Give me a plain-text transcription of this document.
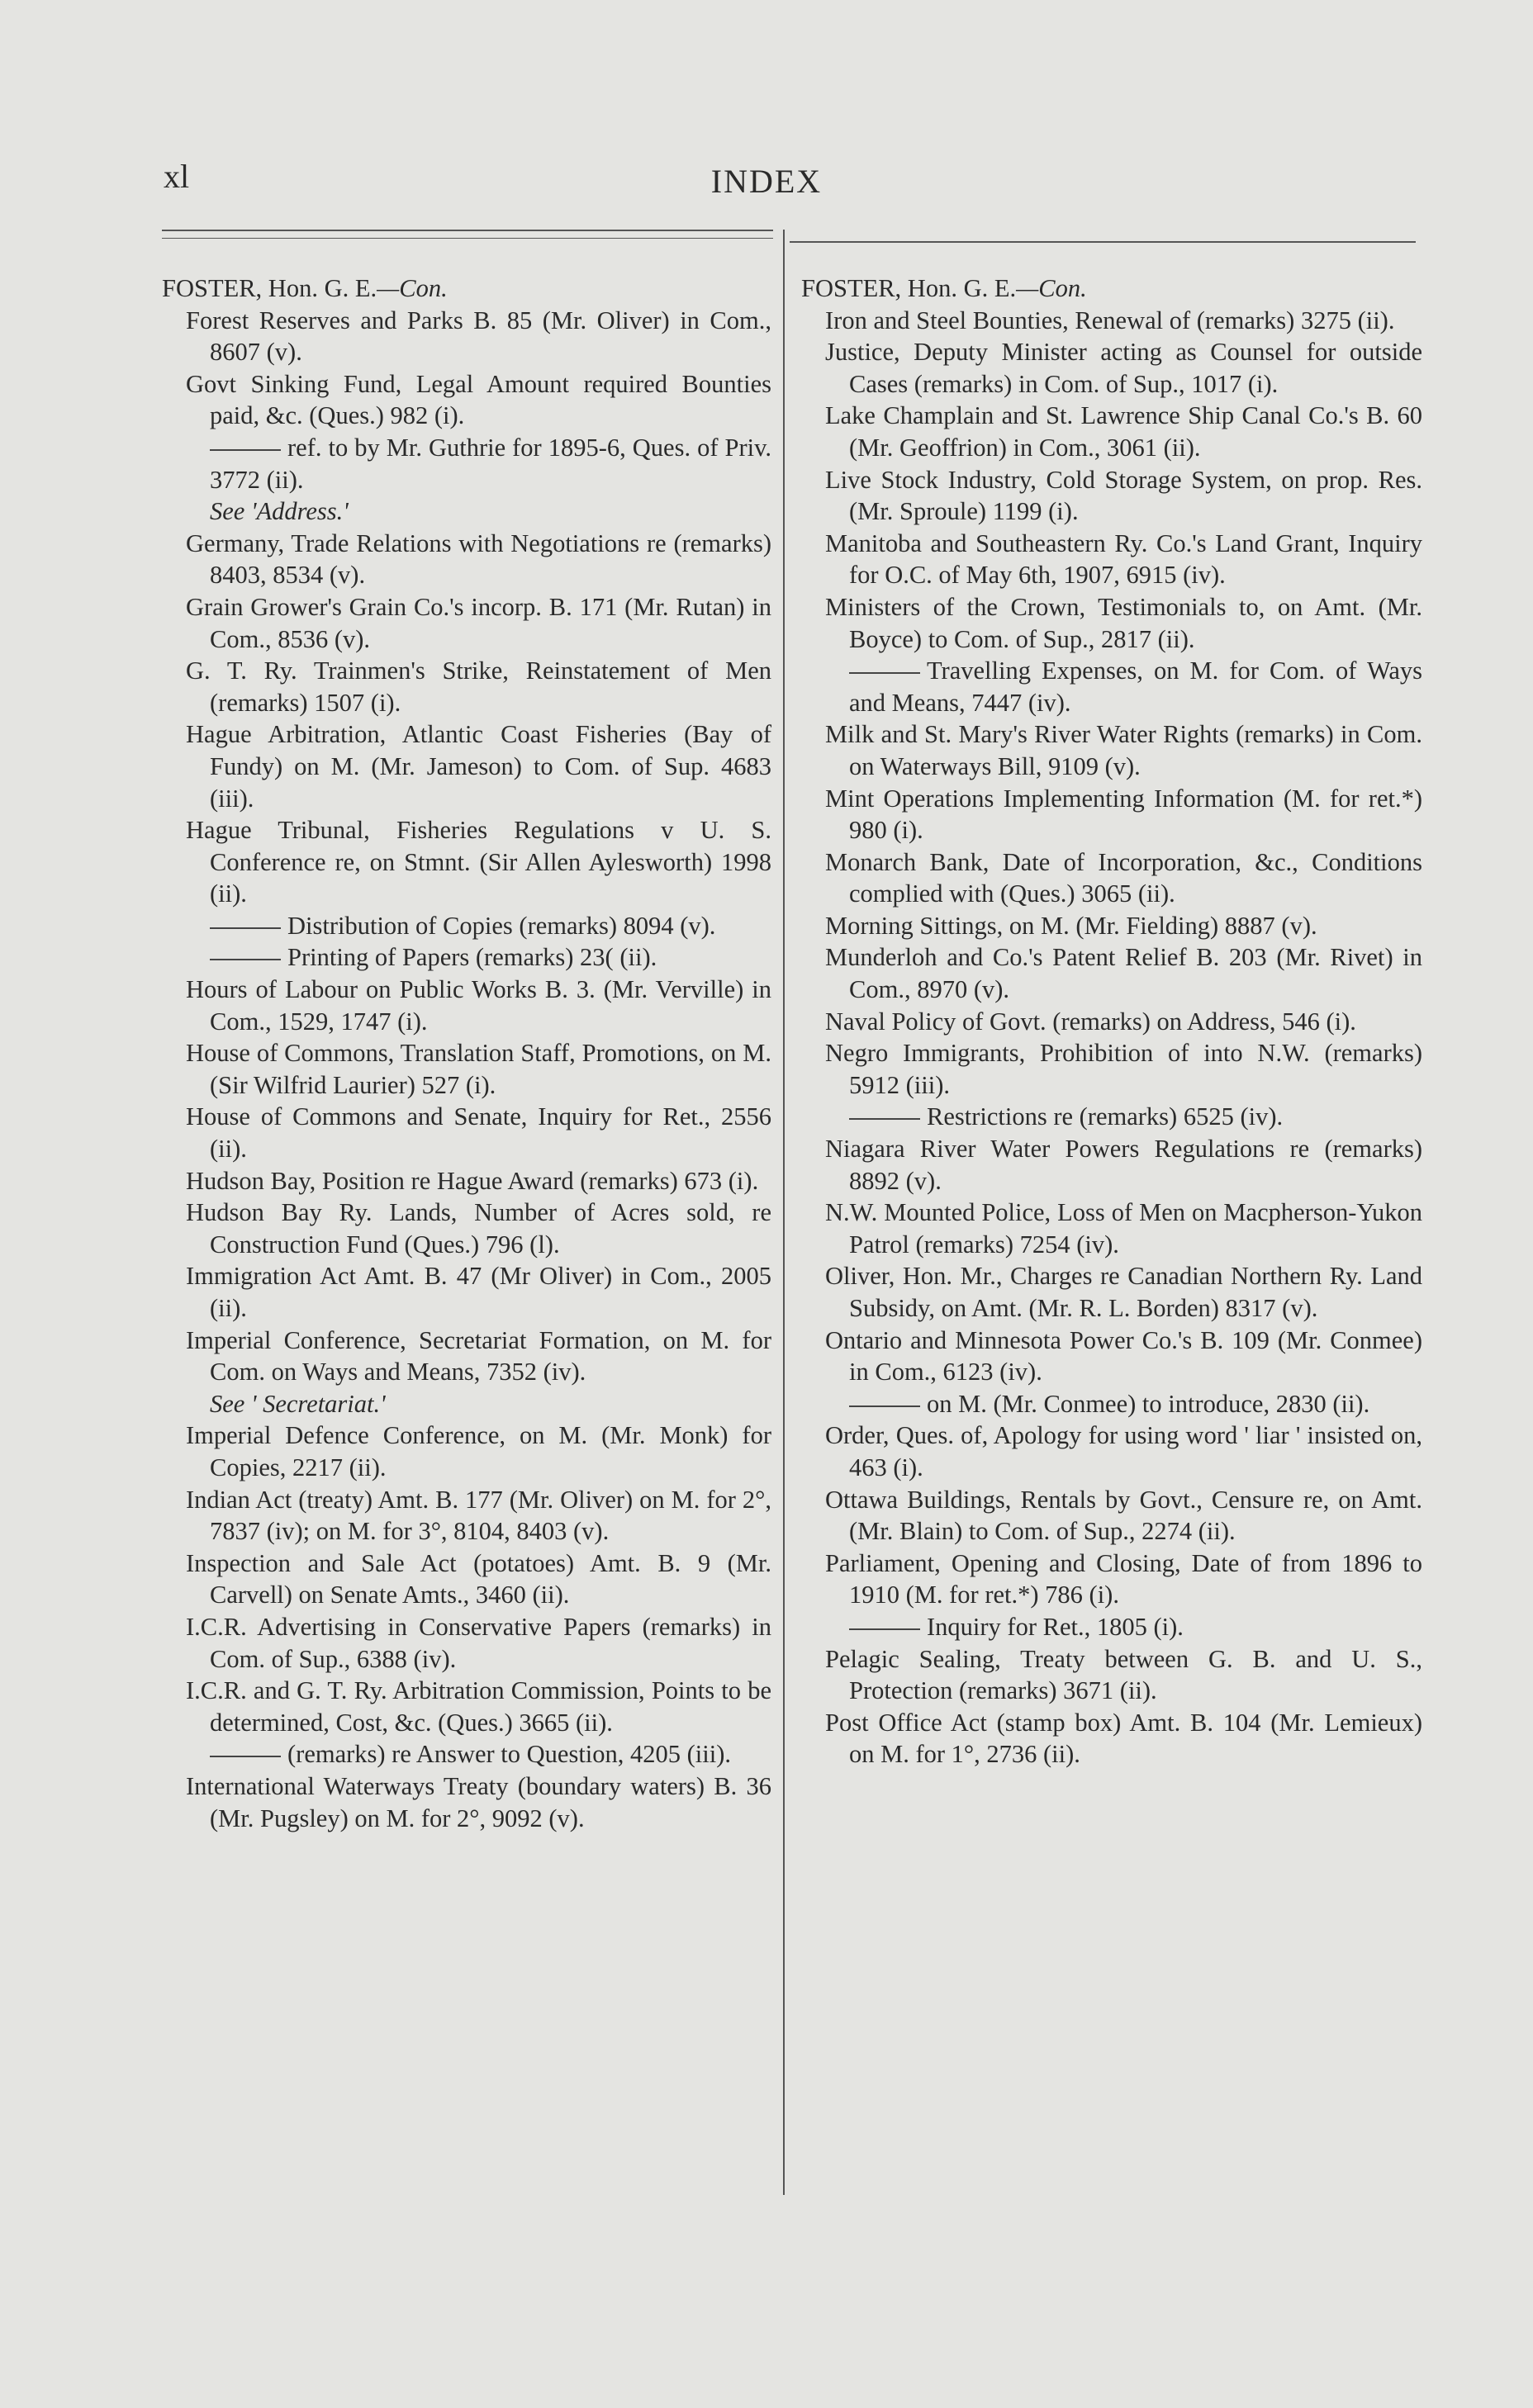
xl	INDEX
FOSTER, Hon. G. E.—Con.
Forest Reserves and Parks B. 85 (Mr. Oliver) in Com., 8607 (v).
Govt Sinking Fund, Legal Amount required Bounties paid, &c. (Ques.) 982 (i).
ref. to by Mr. Guthrie for 1895-6, Ques. of Priv. 3772 (ii).
See 'Address.'
Germany, Trade Relations with Negotiations re (remarks) 8403, 8534 (v).
Grain Grower's Grain Co.'s incorp. B. 171 (Mr. Rutan) in Com., 8536 (v).
G. T. Ry. Trainmen's Strike, Reinstatement of Men (remarks) 1507 (i).
Hague Arbitration, Atlantic Coast Fisheries (Bay of Fundy) on M. (Mr. Jameson) to Com. of Sup. 4683 (iii).
Hague Tribunal, Fisheries Regulations v U. S. Conference re, on Stmnt. (Sir Allen Aylesworth) 1998 (ii).
Distribution of Copies (remarks) 8094 (v).
Printing of Papers (remarks) 23( (ii).
Hours of Labour on Public Works B. 3. (Mr. Verville) in Com., 1529, 1747 (i).
House of Commons, Translation Staff, Promotions, on M. (Sir Wilfrid Laurier) 527 (i).
House of Commons and Senate, Inquiry for Ret., 2556 (ii).
Hudson Bay, Position re Hague Award (remarks) 673 (i).
Hudson Bay Ry. Lands, Number of Acres sold, re Construction Fund (Ques.) 796 (l).
Immigration Act Amt. B. 47 (Mr Oliver) in Com., 2005 (ii).
Imperial Conference, Secretariat Formation, on M. for Com. on Ways and Means, 7352 (iv).
See ' Secretariat.'
Imperial Defence Conference, on M. (Mr. Monk) for Copies, 2217 (ii).
Indian Act (treaty) Amt. B. 177 (Mr. Oliver) on M. for 2°, 7837 (iv); on M. for 3°, 8104, 8403 (v).
Inspection and Sale Act (potatoes) Amt. B. 9 (Mr. Carvell) on Senate Amts., 3460 (ii).
I.C.R. Advertising in Conservative Papers (remarks) in Com. of Sup., 6388 (iv).
I.C.R. and G. T. Ry. Arbitration Commission, Points to be determined, Cost, &c. (Ques.) 3665 (ii).
(remarks) re Answer to Question, 4205 (iii).
International Waterways Treaty (boundary waters) B. 36 (Mr. Pugsley) on M. for 2°, 9092 (v).
FOSTER, Hon. G. E.—Con.
Iron and Steel Bounties, Renewal of (remarks) 3275 (ii).
Justice, Deputy Minister acting as Counsel for outside Cases (remarks) in Com. of Sup., 1017 (i).
Lake Champlain and St. Lawrence Ship Canal Co.'s B. 60 (Mr. Geoffrion) in Com., 3061 (ii).
Live Stock Industry, Cold Storage System, on prop. Res. (Mr. Sproule) 1199 (i).
Manitoba and Southeastern Ry. Co.'s Land Grant, Inquiry for O.C. of May 6th, 1907, 6915 (iv).
Ministers of the Crown, Testimonials to, on Amt. (Mr. Boyce) to Com. of Sup., 2817 (ii).
Travelling Expenses, on M. for Com. of Ways and Means, 7447 (iv).
Milk and St. Mary's River Water Rights (remarks) in Com. on Waterways Bill, 9109 (v).
Mint Operations Implementing Information (M. for ret.*) 980 (i).
Monarch Bank, Date of Incorporation, &c., Conditions complied with (Ques.) 3065 (ii).
Morning Sittings, on M. (Mr. Fielding) 8887 (v).
Munderloh and Co.'s Patent Relief B. 203 (Mr. Rivet) in Com., 8970 (v).
Naval Policy of Govt. (remarks) on Address, 546 (i).
Negro Immigrants, Prohibition of into N.W. (remarks) 5912 (iii).
Restrictions re (remarks) 6525 (iv).
Niagara River Water Powers Regulations re (remarks) 8892 (v).
N.W. Mounted Police, Loss of Men on Macpherson-Yukon Patrol (remarks) 7254 (iv).
Oliver, Hon. Mr., Charges re Canadian Northern Ry. Land Subsidy, on Amt. (Mr. R. L. Borden) 8317 (v).
Ontario and Minnesota Power Co.'s B. 109 (Mr. Conmee) in Com., 6123 (iv).
on M. (Mr. Conmee) to introduce, 2830 (ii).
Order, Ques. of, Apology for using word ' liar ' insisted on, 463 (i).
Ottawa Buildings, Rentals by Govt., Censure re, on Amt. (Mr. Blain) to Com. of Sup., 2274 (ii).
Parliament, Opening and Closing, Date of from 1896 to 1910 (M. for ret.*) 786 (i).
Inquiry for Ret., 1805 (i).
Pelagic Sealing, Treaty between G. B. and U. S., Protection (remarks) 3671 (ii).
Post Office Act (stamp box) Amt. B. 104 (Mr. Lemieux) on M. for 1°, 2736 (ii).
